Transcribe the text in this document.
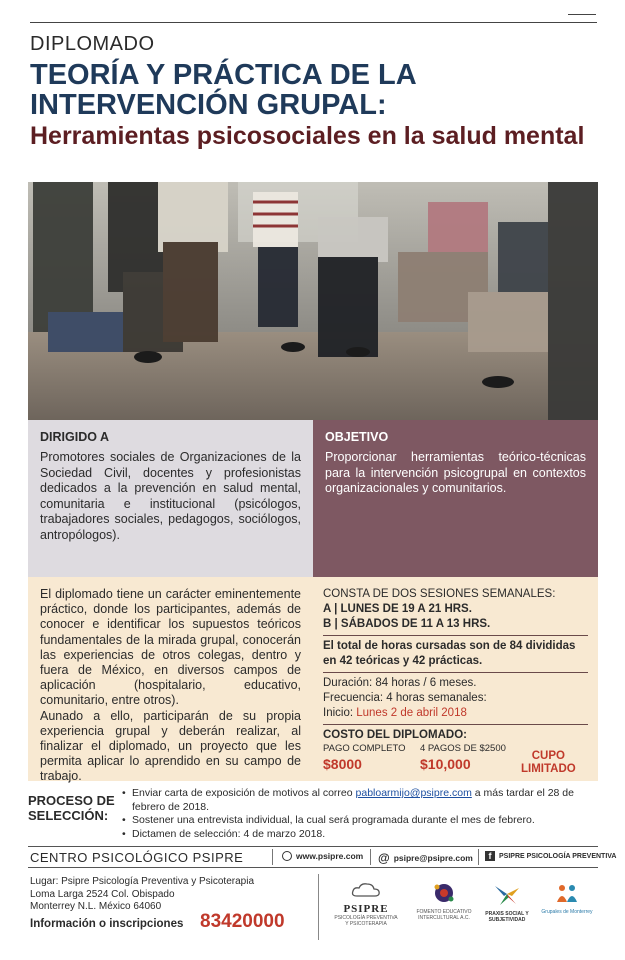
DIPLOMADO
TEORÍA Y PRÁCTICA DE LA INTERVENCIÓN GRUPAL:
Herramientas psicosociales en la salud mental
DIRIGIDO A
Promotores sociales de Organizaciones de la Sociedad Civil, docentes y profesionistas dedicados a la prevención en salud mental, comunitaria e institucional (psicólogos, trabajadores sociales, pedagogos, sociólogos, antropólogos).
OBJETIVO
Proporcionar herramientas teórico-técnicas para la intervención psicogrupal en contextos organizacionales y comunitarios.

El diplomado tiene un carácter eminentemente práctico, donde los participantes, además de conocer e identificar los supuestos teóricos fundamentales de la mirada grupal, conocerán las experiencias de otros colegas, dentro y fuera de México, en diversos campos de aplicación (hospitalario, educativo, comunitario, entre otros).

Aunado a ello, participarán de su propia experiencia grupal y deberán realizar, al finalizar el diplomado, un proyecto que les permita aplicar lo aprendido en su campo de trabajo.

CONSTA DE DOS SESIONES SEMANALES:
A | LUNES DE 19 A 21 HRS.
B | SÁBADOS DE 11 A 13 HRS.
El total de horas cursadas son de 84 divididas en 42 teóricas y 42 prácticas.
Duración: 84 horas / 6 meses.
Frecuencia: 4 horas semanales:
Inicio: Lunes 2 de abril 2018
COSTO DEL DIPLOMADO:
PAGO COMPLETO
$8000
4 PAGOS DE $2500
$10,000	CUPO
LIMITADO
PROCESO DE
SELECCIÓN:
• Enviar carta de exposición de motivos al correo pabloarmijo@psipre.com a más tardar el 28 de febrero de 2018.
• Sostener una entrevista individual, la cual será programada durante el mes de febrero.
• Dictamen de selección: 4 de marzo 2018.
CENTRO PSICOLÓGICO PSIPRE	www.psipre.com @ psipre@psipre.com	f	PSIPRE PSICOLOGÍA PREVENTIVA
Lugar: Psipre Psicología Preventiva y Psicoterapia
Loma Larga 2524 Col. Obispado
Monterrey N.L. México 64060
Información o inscripciones 83420000
PSIPRE
PSICOLOGÍA PREVENTIVA Y PSICOTERAPIA
FOMENTO EDUCATIVO INTERCULTURAL A.C.
PRAXIS SOCIAL Y SUBJETIVIDAD
Grupales de Monterrey
